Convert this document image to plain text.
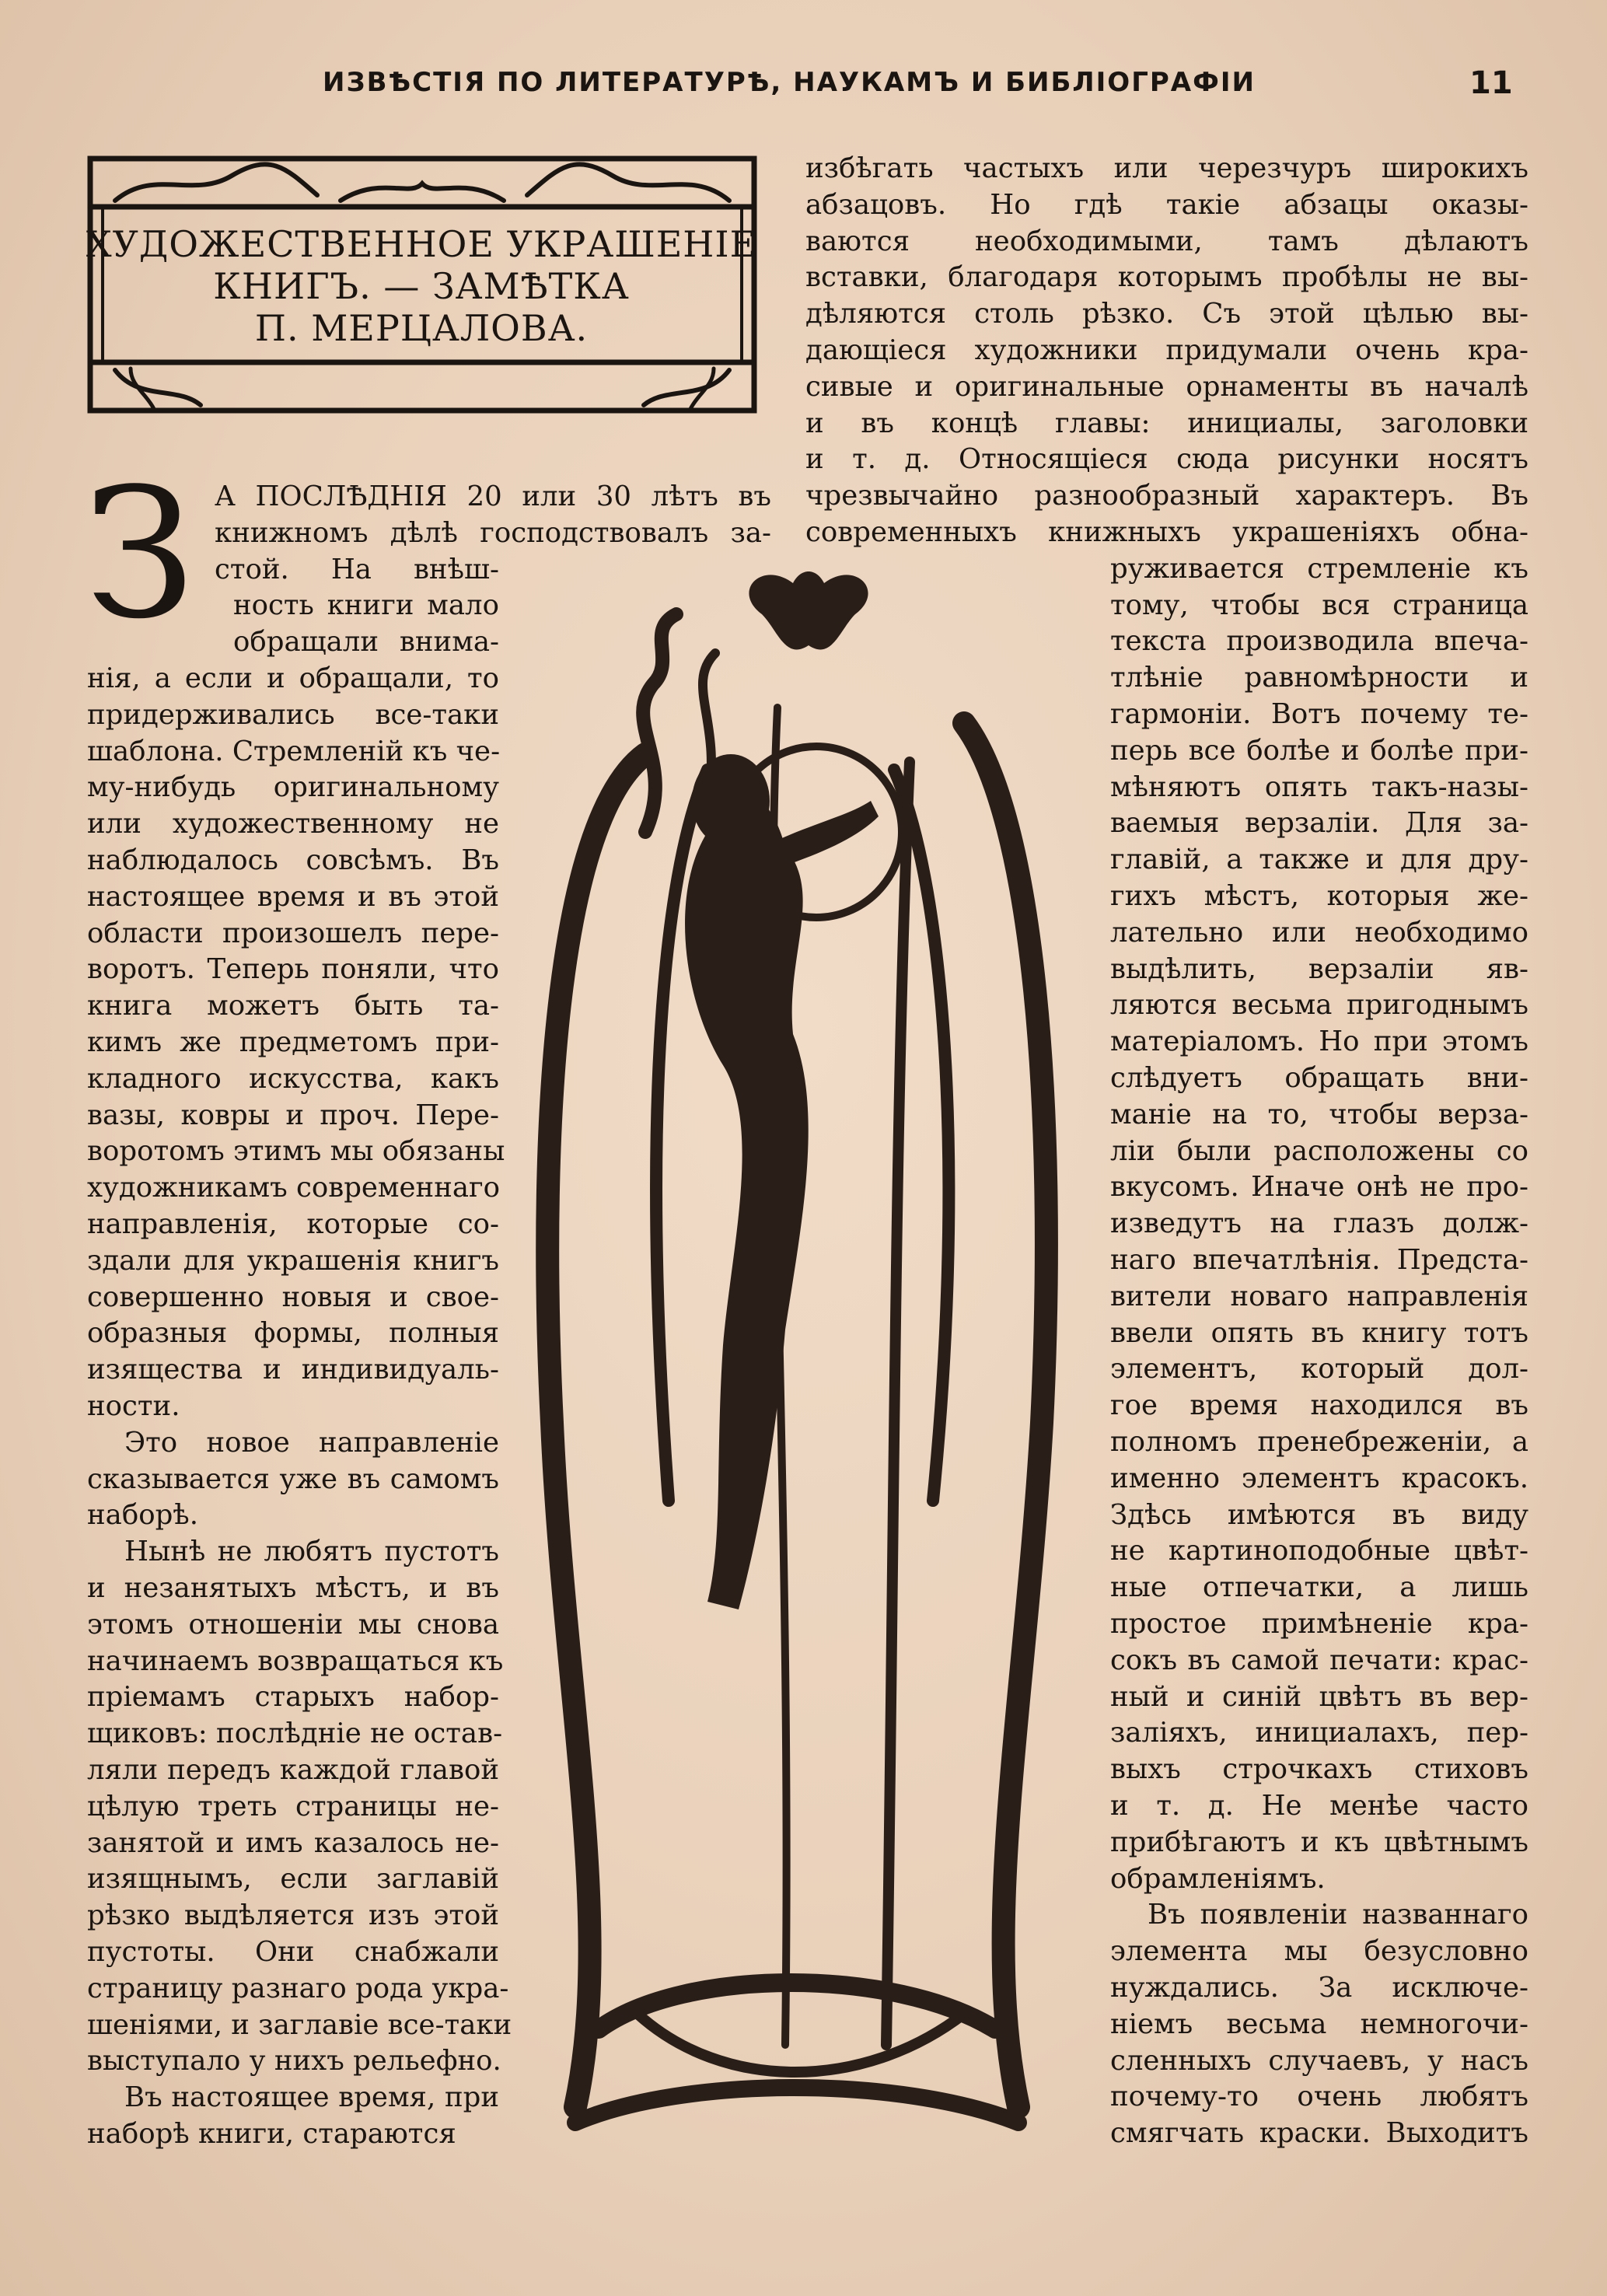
ИЗВѢСТІЯ ПО ЛИТЕРАТУРѢ, НАУКАМЪ И БИБЛІОГРАФІИ	11
ХУДОЖЕСТВЕННОЕ УКРАШЕНІЕ
КНИГЪ. — ЗАМѢТКА
П. МЕРЦАЛОВА.
З А ПОСЛѢДНІЯ 20 или 30 лѣтъ въ
книжномъ дѣлѣ господствовалъ за-
стой. На внѣш-
ность книги мало
обращали внима-
нія, а если и обращали, то
придерживались все-таки
шаблона. Стремленій къ че-
му-нибудь оригинальному
или художественному не
наблюдалось совсѣмъ. Въ
настоящее время и въ этой
области произошелъ пере-
воротъ. Теперь поняли, что
книга можетъ быть та-
кимъ же предметомъ при-
кладного искусства, какъ
вазы, ковры и проч. Пере-
воротомъ этимъ мы обязаны
художникамъ современнаго
направленія, которые со-
здали для украшенія книгъ
совершенно новыя и свое-
образныя формы, полныя
изящества и индивидуаль-
ности.
Это новое направленіе
сказывается уже въ самомъ
наборѣ.
Нынѣ не любятъ пустотъ
и незанятыхъ мѣстъ, и въ
этомъ отношеніи мы снова
начинаемъ возвращаться къ
пріемамъ старыхъ набор-
щиковъ: послѣдніе не остав-
ляли передъ каждой главой
цѣлую треть страницы не-
занятой и имъ казалось не-
изящнымъ, если заглавій
рѣзко выдѣляется изъ этой
пустоты. Они снабжали
страницу разнаго рода укра-
шеніями, и заглавіе все-таки
выступало у нихъ рельефно.
Въ настоящее время, при
наборѣ книги, стараются
избѣгать частыхъ или черезчуръ широкихъ
абзацовъ. Но гдѣ такіе абзацы оказы-
ваются необходимыми, тамъ дѣлаютъ
вставки, благодаря которымъ пробѣлы не вы-
дѣляются столь рѣзко. Съ этой цѣлью вы-
дающіеся художники придумали очень кра-
сивые и оригинальные орнаменты въ началѣ
и въ концѣ главы: инициалы, заголовки
и т. д. Относящіеся сюда рисунки носятъ
чрезвычайно разнообразный характеръ. Въ
современныхъ книжныхъ украшеніяхъ обна-
руживается стремленіе къ
тому, чтобы вся страница
текста производила впеча-
тлѣніе равномѣрности и
гармоніи. Вотъ почему те-
перь все болѣе и болѣе при-
мѣняютъ опять такъ-назы-
ваемыя верзаліи. Для за-
главій, а также и для дру-
гихъ мѣстъ, которыя же-
лательно или необходимо
выдѣлить, верзаліи яв-
ляются весьма пригоднымъ
матеріаломъ. Но при этомъ
слѣдуетъ обращать вни-
маніе на то, чтобы верза-
ліи были расположены со
вкусомъ. Иначе онѣ не про-
изведутъ на глазъ долж-
наго впечатлѣнія. Предста-
вители новаго направленія
ввели опять въ книгу тотъ
элементъ, который дол-
гое время находился въ
полномъ пренебреженіи, а
именно элементъ красокъ.
Здѣсь имѣются въ виду
не картиноподобные цвѣт-
ные отпечатки, а лишь
простое примѣненіе кра-
сокъ въ самой печати: крас-
ный и синій цвѣтъ въ вер-
заліяхъ, инициалахъ, пер-
выхъ строчкахъ стиховъ
и т. д. Не менѣе часто
прибѣгаютъ и къ цвѣтнымъ
обрамленіямъ.
Въ появленіи названнаго
элемента мы безусловно
нуждались. За исключе-
ніемъ весьма немногочи-
сленныхъ случаевъ, у насъ
почему-то очень любятъ
смягчать краски. Выходитъ
